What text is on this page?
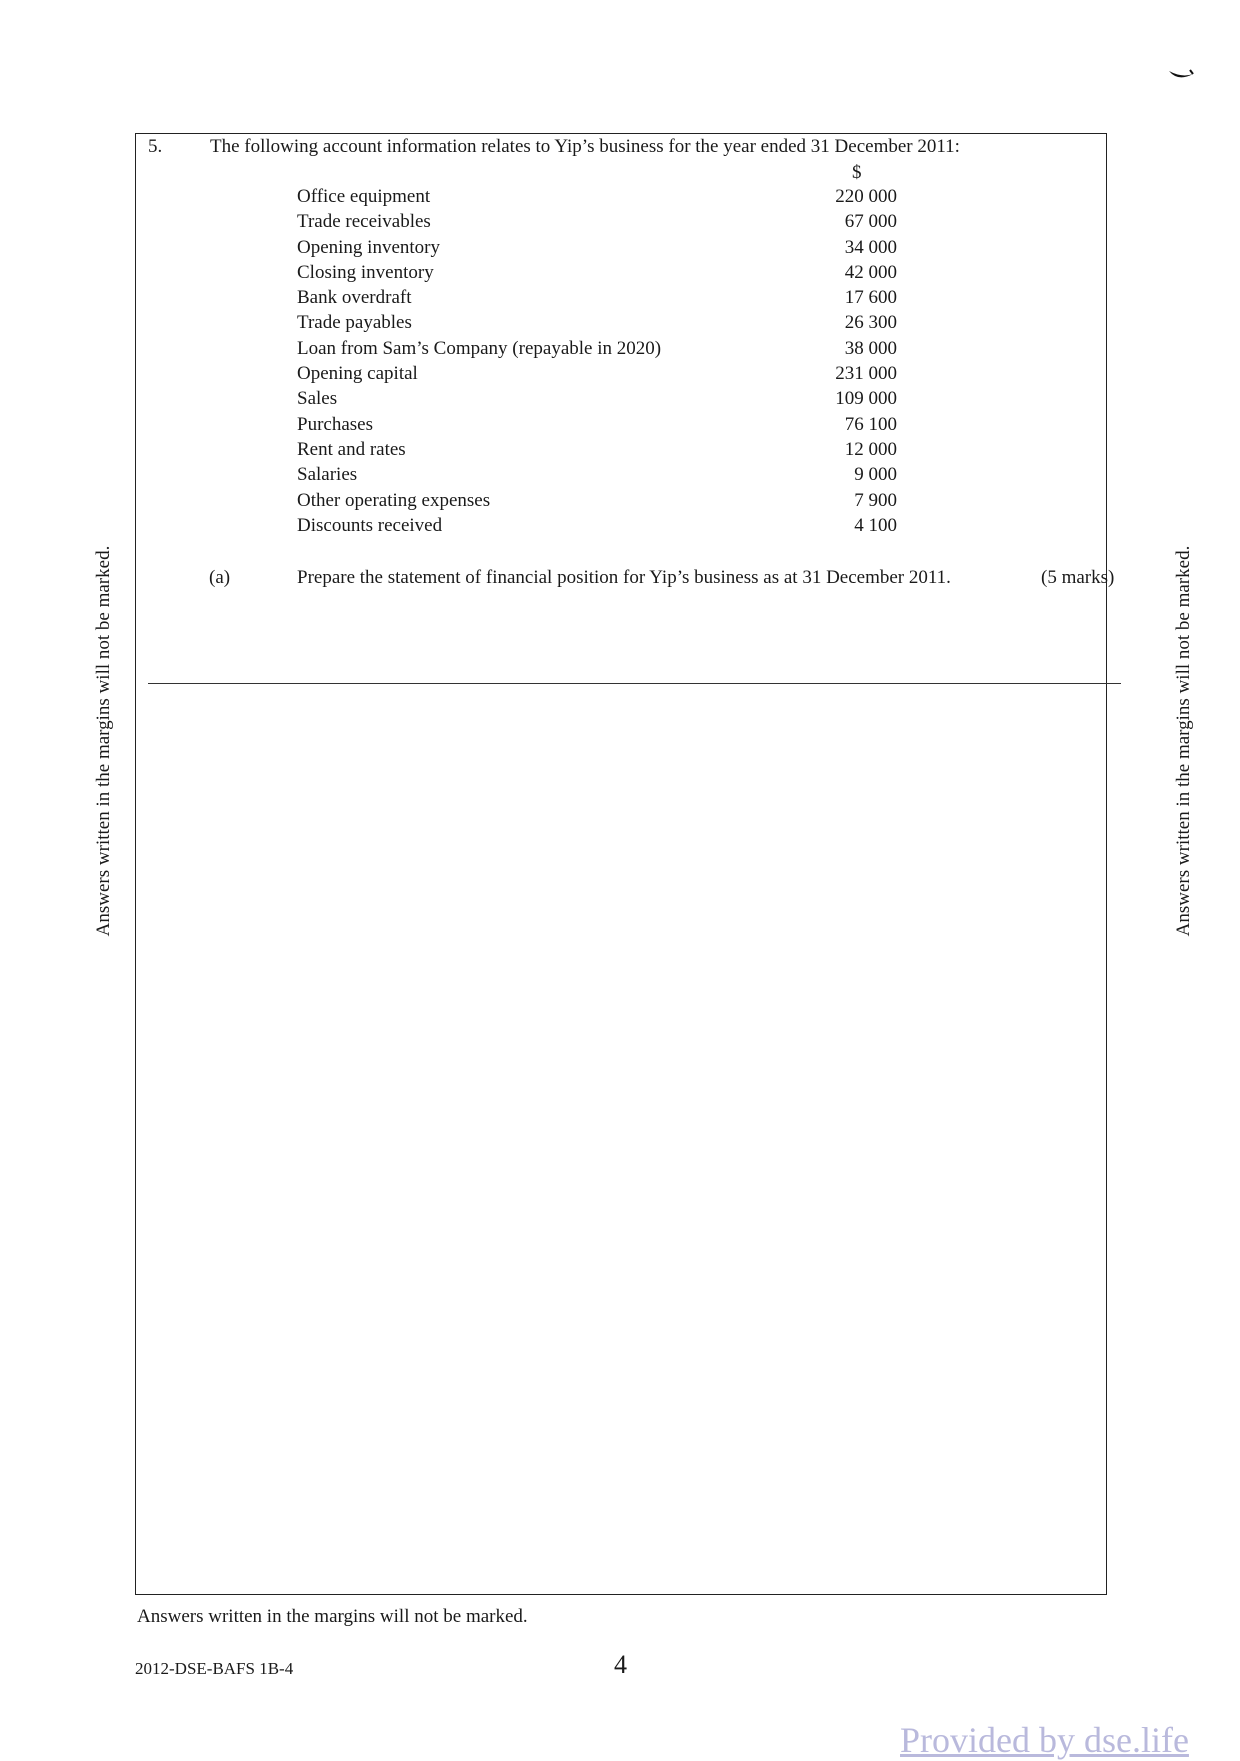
Answers written in the margins will not be marked.	Answers written in the margins will not be marked.
5.	The following account information relates to Yip’s business for the year ended 31 December 2011:
$
Office equipment	220 000
Trade receivables	67 000
Opening inventory	34 000
Closing inventory	42 000
Bank overdraft	17 600
Trade payables	26 300
Loan from Sam’s Company (repayable in 2020)	38 000
Opening capital	231 000
Sales	109 000
Purchases	76 100
Rent and rates	12 000
Salaries	9 000
Other operating expenses	7 900
Discounts received	4 100
(a)	Prepare the statement of financial position for Yip’s business as at 31 December 2011.	(5 marks)
Answers written in the margins will not be marked.
2012-DSE-BAFS 1B-4	4
Provided by dse.life
